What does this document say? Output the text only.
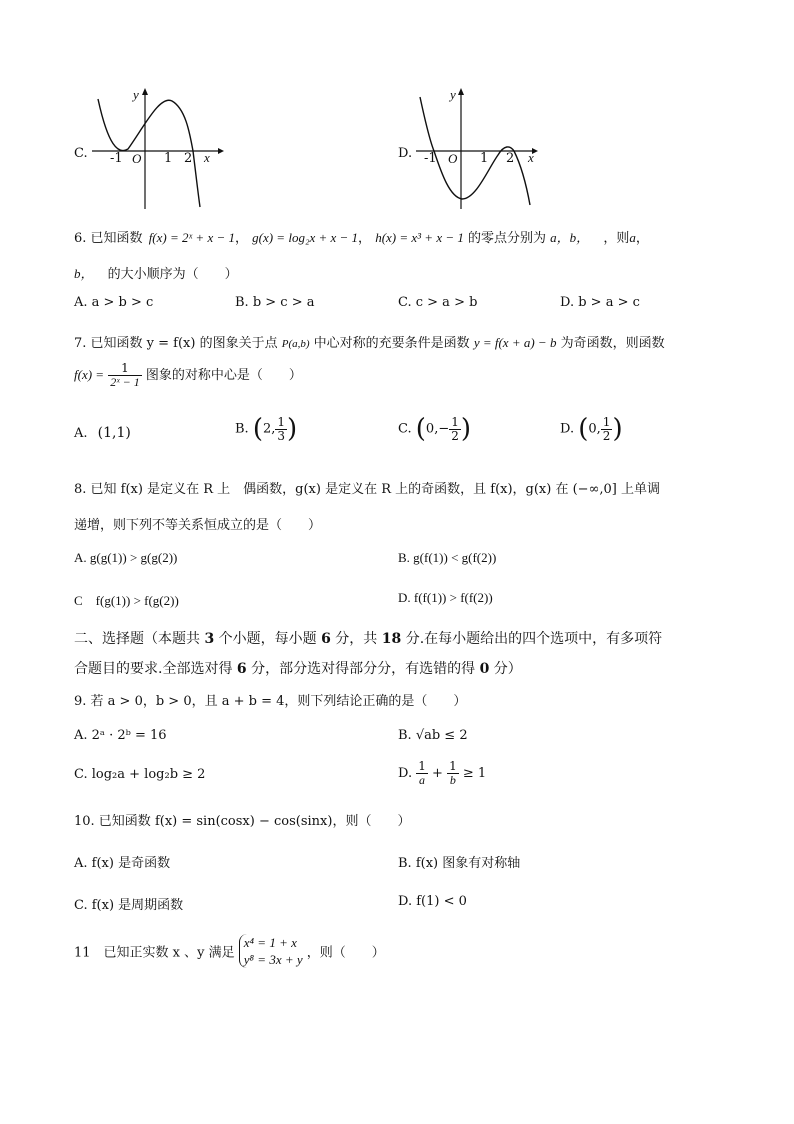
C.
y
x
O
-1	1 2	D.
y
x
O
-1	1 2
6. 已知函数 f(x) = 2ˣ + x − 1， g(x) = log₂x + x − 1， h(x) = x³ + x − 1 的零点分别为 a，b， ，则a，
b， 的大小顺序为（　　）
A. a > b > c	B. b > c > a	C. c > a > b	D. b > a > c
7. 已知函数 y = f(x) 的图象关于点 P(a,b) 中心对称的充要条件是函数 y = f(x + a) − b 为奇函数，则函数
$f(x) = \frac{1}{\text{2ˣ − 1}}$ 图象的对称中心是（　　）
A. (1,1)	B. (2, $\frac{1}{3}$ )	C. ($0,- \frac{1}{2}$ )	D. (0, $\frac{1}{2}$ )
8. 已知 f(x) 是定义在 R 上　偶函数，g(x) 是定义在 R 上的奇函数，且 f(x)，g(x) 在 (−∞,0] 上单调
递增，则下列不等关系恒成立的是（　　）
A. g(g(1)) > g(g(2))	B. g(f(1)) < g(f(2))
C　f(g(1)) > f(g(2))	D. f(f(1)) > f(f(2))
二、选择题（本题共 3 个小题，每小题 6 分，共 18 分.在每小题给出的四个选项中，有多项符
合题目的要求.全部选对得 6 分，部分选对得部分分，有选错的得 0 分）
9. 若 a > 0，b > 0，且 a + b = 4，则下列结论正确的是（　　）
A. 2ᵃ · 2ᵇ = 16	B. √ab ≤ 2
C. log₂a + log₂b ≥ 2	D. $\frac{1}{a} + \frac{1}{b} \ge 1$
10. 已知函数 f(x) = sin(cosx) − cos(sinx)，则（　　）
A. f(x) 是奇函数	B. f(x) 图象有对称轴
C. f(x) 是周期函数	D. f(1) < 0
11　已知正实数 x 、y 满足
x⁴ = 1 + x
y⁸ = 3x + y ，则（　　）
